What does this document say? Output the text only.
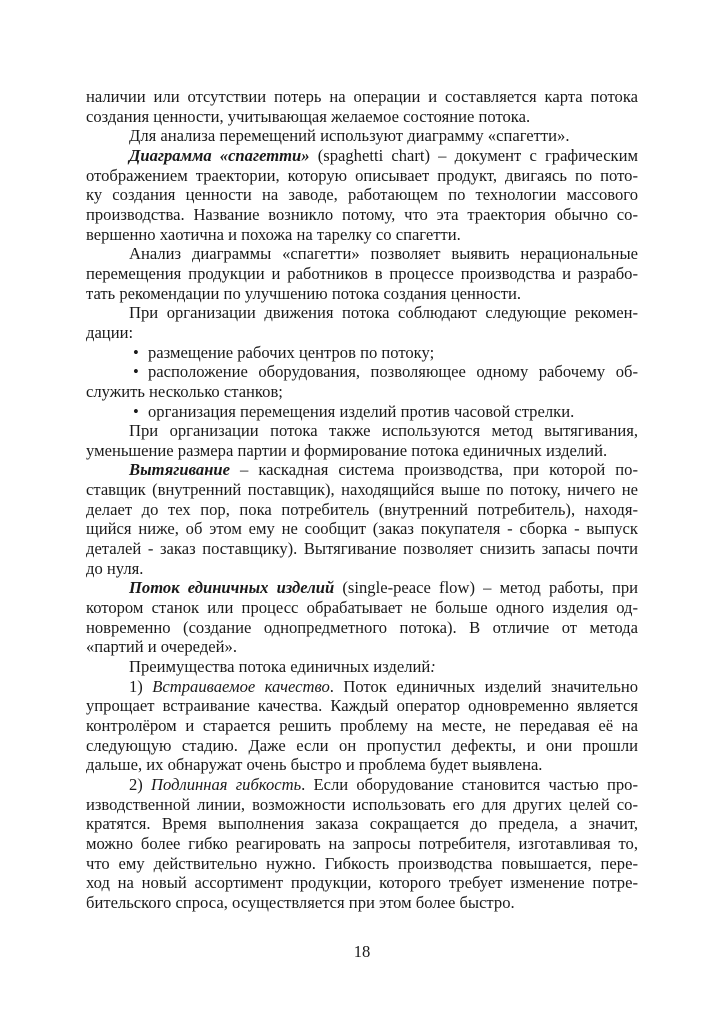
наличии или отсутствии потерь на операции и составляется карта потока
создания ценности, учитывающая желаемое состояние потока.
Для анализа перемещений используют диаграмму «спагетти».
Диаграмма «спагетти» (spaghetti chart) – документ с графическим
отображением траектории, которую описывает продукт, двигаясь по пото-
ку создания ценности на заводе, работающем по технологии массового
производства. Название возникло потому, что эта траектория обычно со-
вершенно хаотична и похожа на тарелку со спагетти.
Анализ диаграммы «спагетти» позволяет выявить нерациональные
перемещения продукции и работников в процессе производства и разрабо-
тать рекомендации по улучшению потока создания ценности.
При организации движения потока соблюдают следующие рекомен-
дации:
• размещение рабочих центров по потоку;
• расположение оборудования, позволяющее одному рабочему об-
служить несколько станков;
• организация перемещения изделий против часовой стрелки.
При организации потока также используются метод вытягивания,
уменьшение размера партии и формирование потока единичных изделий.
Вытягивание – каскадная система производства, при которой по-
ставщик (внутренний поставщик), находящийся выше по потоку, ничего не
делает до тех пор, пока потребитель (внутренний потребитель), находя-
щийся ниже, об этом ему не сообщит (заказ покупателя - сборка - выпуск
деталей - заказ поставщику). Вытягивание позволяет снизить запасы почти
до нуля.
Поток единичных изделий (single-peace flow) – метод работы, при
котором станок или процесс обрабатывает не больше одного изделия од-
новременно (создание однопредметного потока). В отличие от метода
«партий и очередей».
Преимущества потока единичных изделий:
1) Встраиваемое качество. Поток единичных изделий значительно
упрощает встраивание качества. Каждый оператор одновременно является
контролёром и старается решить проблему на месте, не передавая её на
следующую стадию. Даже если он пропустил дефекты, и они прошли
дальше, их обнаружат очень быстро и проблема будет выявлена.
2) Подлинная гибкость. Если оборудование становится частью про-
изводственной линии, возможности использовать его для других целей со-
кратятся. Время выполнения заказа сокращается до предела, а значит,
можно более гибко реагировать на запросы потребителя, изготавливая то,
что ему действительно нужно. Гибкость производства повышается, пере-
ход на новый ассортимент продукции, которого требует изменение потре-
бительского спроса, осуществляется при этом более быстро.
18
